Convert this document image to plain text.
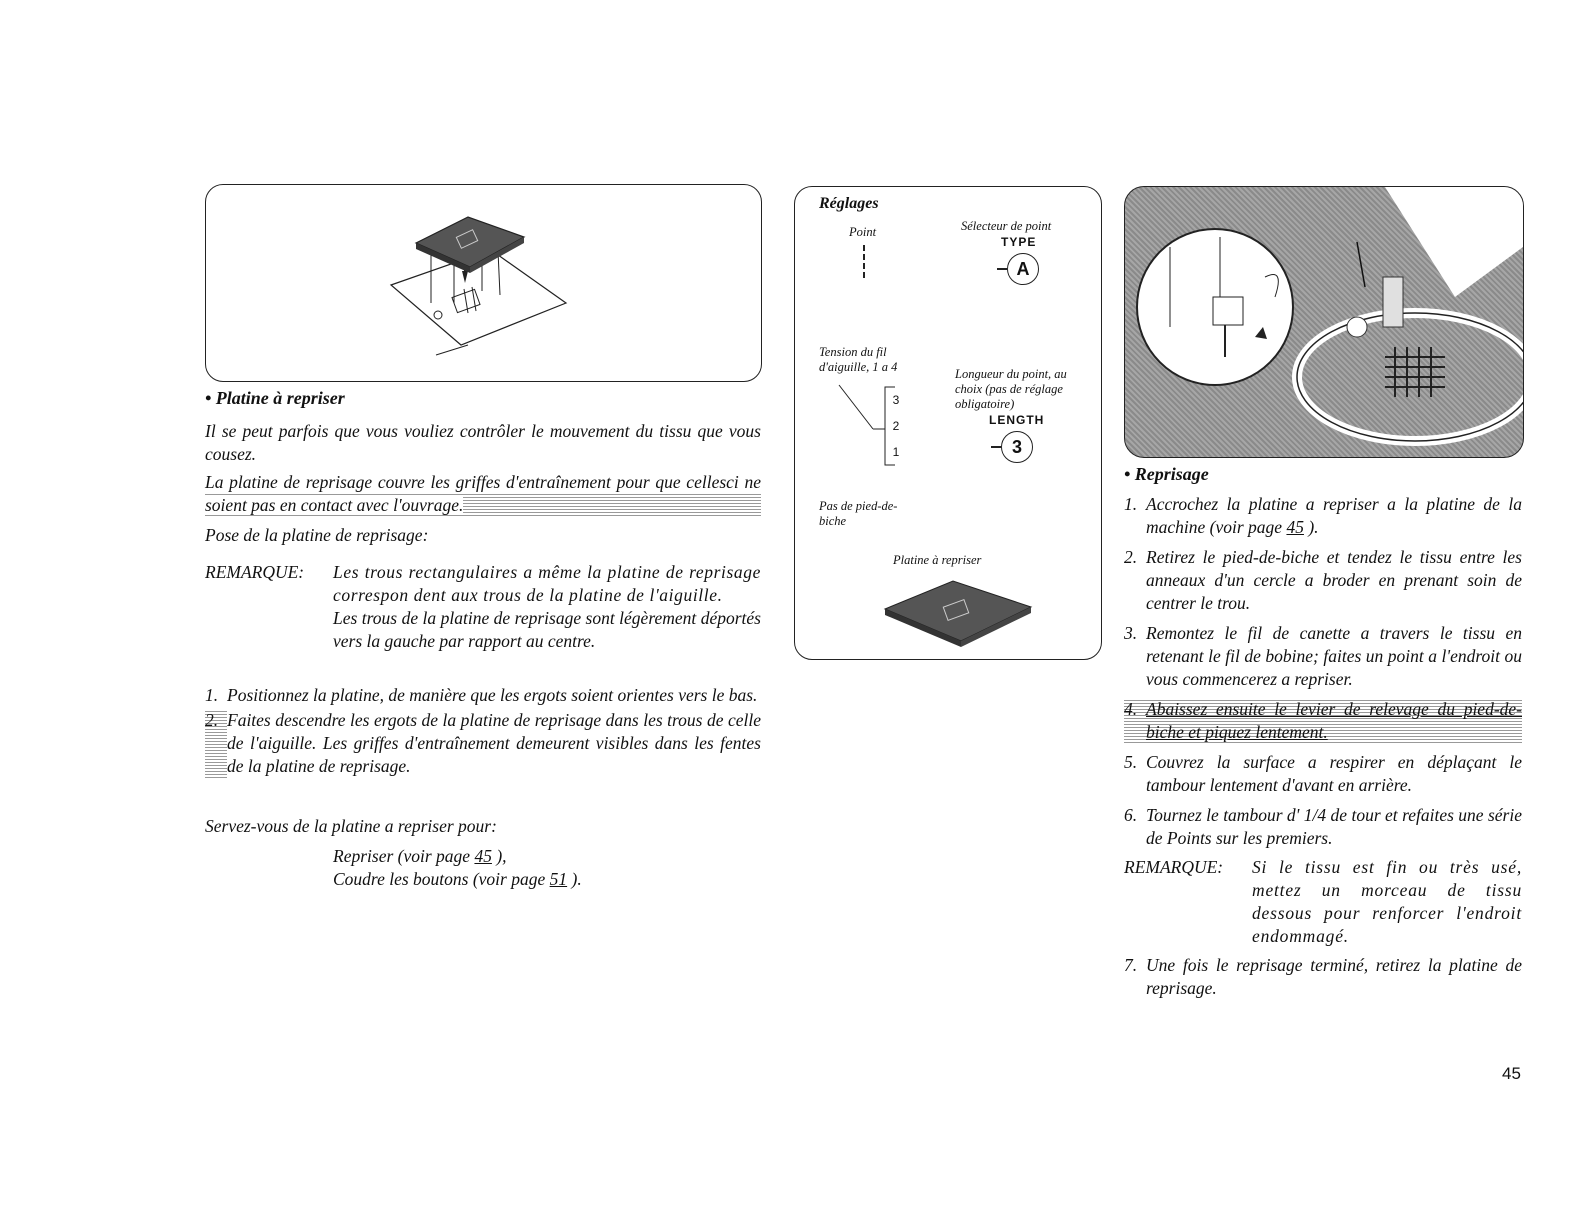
• Platine à repriser
Il se peut parfois que vous vouliez contrôler le mouvement du tissu que vous cousez.
La platine de reprisage couvre les griffes d'entraînement pour que cellesci ne soient pas en contact avec l'ouvrage.
Pose de la platine de reprisage:
REMARQUE:	Les trous rectangulaires a même la platine de reprisage correspon dent aux trous de la platine de l'aiguille.
Les trous de la platine de reprisage sont légèrement déportés vers la gauche par rapport au centre.
1. Positionnez la platine, de manière que les ergots soient orientes vers le bas.
2. Faites descendre les ergots de la platine de reprisage dans les trous de celle de l'aiguille. Les griffes d'entraînement demeurent visibles dans les fentes de la platine de reprisage.
Servez-vous de la platine a repriser pour:
Repriser (voir page 45 ),
Coudre les boutons (voir page 51 ).
Réglages
Point	Sélecteur de point
TYPE
A
Tension du fil d'aiguille, 1 a 4
3
2
1
Longueur du point, au choix (pas de réglage obligatoire)
LENGTH
3
Pas de pied-de-biche
Platine à repriser
• Reprisage
1. Accrochez la platine a repriser a la platine de la machine (voir page 45 ).
2. Retirez le pied-de-biche et tendez le tissu entre les anneaux d'un cercle a broder en prenant soin de centrer le trou.
3. Remontez le fil de canette a travers le tissu en retenant le fil de bobine; faites un point a l'endroit ou vous commencerez a repriser.
4. Abaissez ensuite le levier de relevage du pied-de-biche et piquez lentement.
5. Couvrez la surface a respirer en déplaçant le tambour lentement d'avant en arrière.
6. Tournez le tambour d' 1/4 de tour et refaites une série de Points sur les premiers.
REMARQUE:	Si le tissu est fin ou très usé, mettez un morceau de tissu dessous pour renforcer l'endroit endommagé.
7. Une fois le reprisage terminé, retirez la platine de reprisage.
45
